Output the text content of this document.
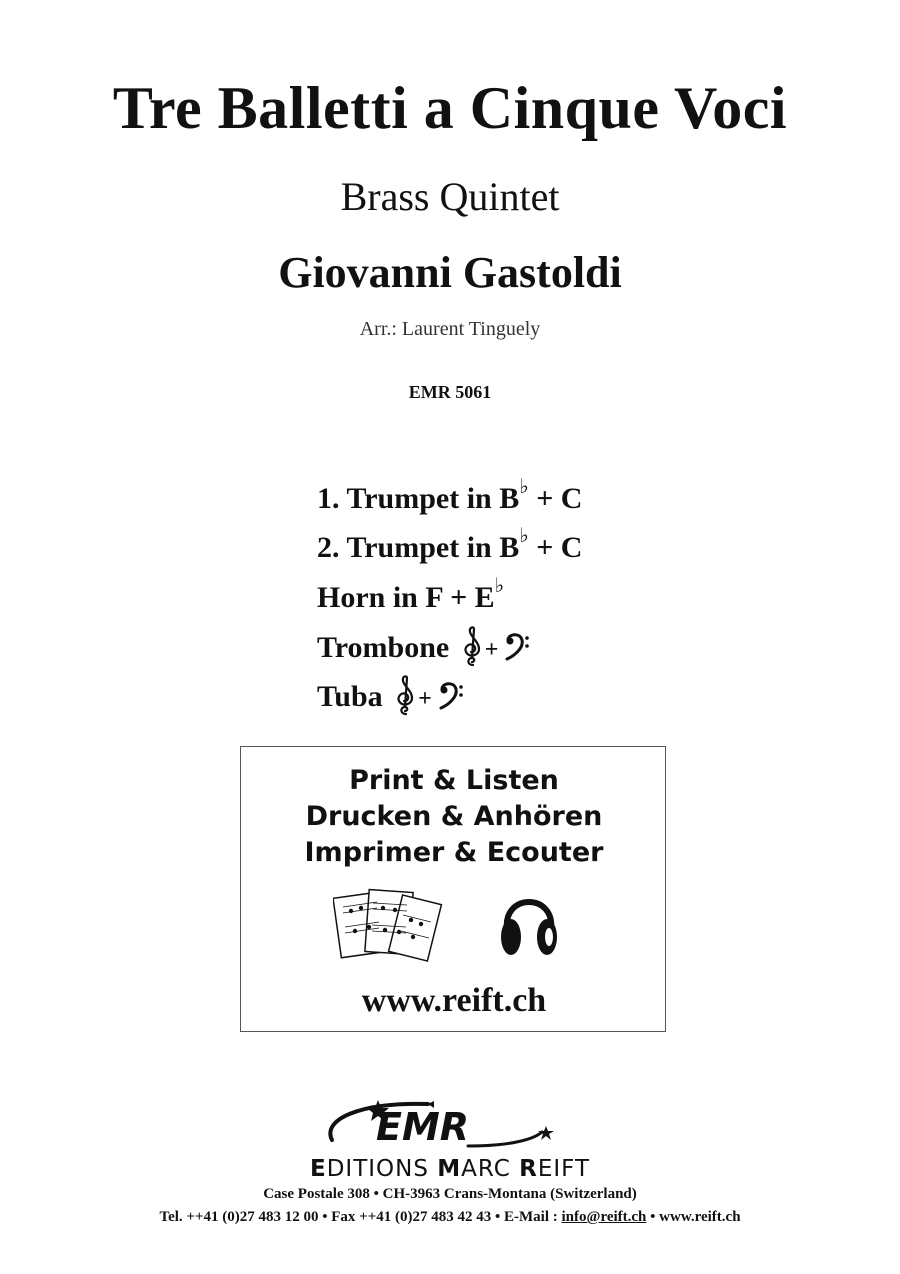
Tre Balletti a Cinque Voci
Brass Quintet
Giovanni Gastoldi
Arr.: Laurent Tinguely
EMR 5061
1. Trumpet in B♭ + C
2. Trumpet in B♭ + C
Horn in F + E♭
Trombone +
Tuba +
Print & Listen
Drucken & Anhören
Imprimer & Ecouter
www.reift.ch
EMR
EDITIONS MARC REIFT
Case Postale 308 • CH-3963 Crans-Montana (Switzerland)
Tel. ++41 (0)27 483 12 00 • Fax ++41 (0)27 483 42 43 • E-Mail : info@reift.ch • www.reift.ch
